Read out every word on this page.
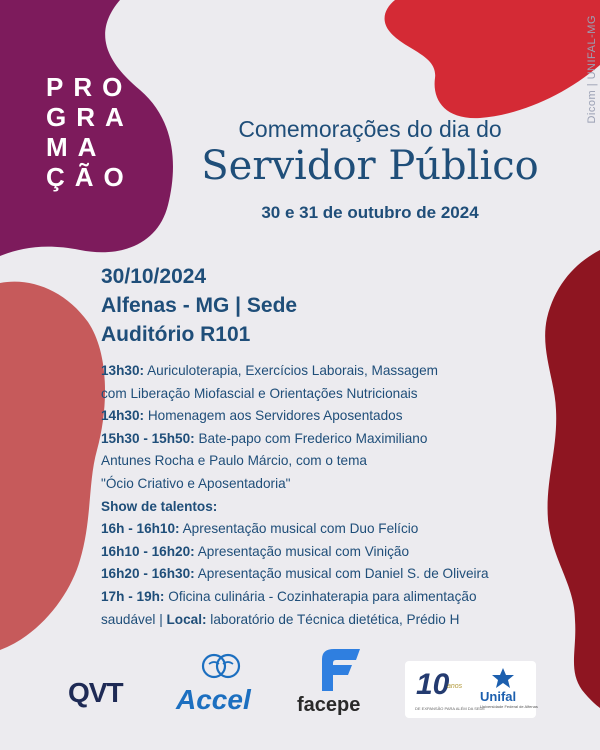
PRO
GRA
MA
ÇÃO
Dicom | UNIFAL-MG
Comemorações do dia do
Servidor Público
30 e 31 de outubro de 2024
30/10/2024
Alfenas - MG | Sede
Auditório R101
13h30: Auriculoterapia, Exercícios Laborais, Massagem
com Liberação Miofascial e Orientações Nutricionais
14h30: Homenagem aos Servidores Aposentados
15h30 - 15h50: Bate-papo com Frederico Maximiliano
Antunes Rocha e Paulo Márcio, com o tema
"Ócio Criativo e Aposentadoria"
Show de talentos:
16h - 16h10: Apresentação musical com Duo Felício
16h10 - 16h20: Apresentação musical com Vinição
16h20 - 16h30: Apresentação musical com Daniel S. de Oliveira
17h - 19h: Oficina culinária - Cozinhaterapia para alimentação
saudável | Local: laboratório de Técnica dietética, Prédio H
QVT Accel facepe
10
anos
DE EXPANSÃO PARA ALÉM DA SEDE
Unifal
Universidade Federal de Alfenas
